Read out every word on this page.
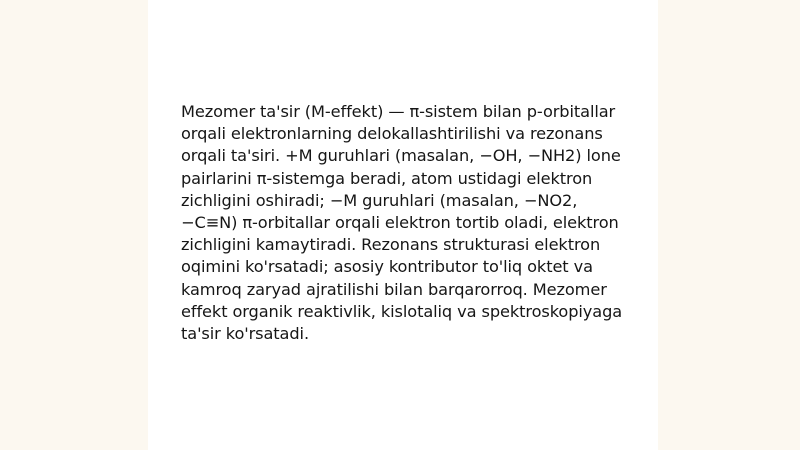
Mezomer ta'sir (M-effekt) — π-sistem bilan p-orbitallar orqali elektronlarning delokallashtirilishi va rezonans orqali ta'siri. +M guruhlari (masalan, −OH, −NH2) lone pairlarini π-sistemga beradi, atom ustidagi elektron zichligini oshiradi; −M guruhlari (masalan, −NO2, −C≡N) π-orbitallar orqali elektron tortib oladi, elektron zichligini kamaytiradi. Rezonans strukturasi elektron oqimini ko'rsatadi; asosiy kontributor to'liq oktet va kamroq zaryad ajratilishi bilan barqarorroq. Mezomer effekt organik reaktivlik, kislotaliq va spektroskopiyaga ta'sir ko'rsatadi.
